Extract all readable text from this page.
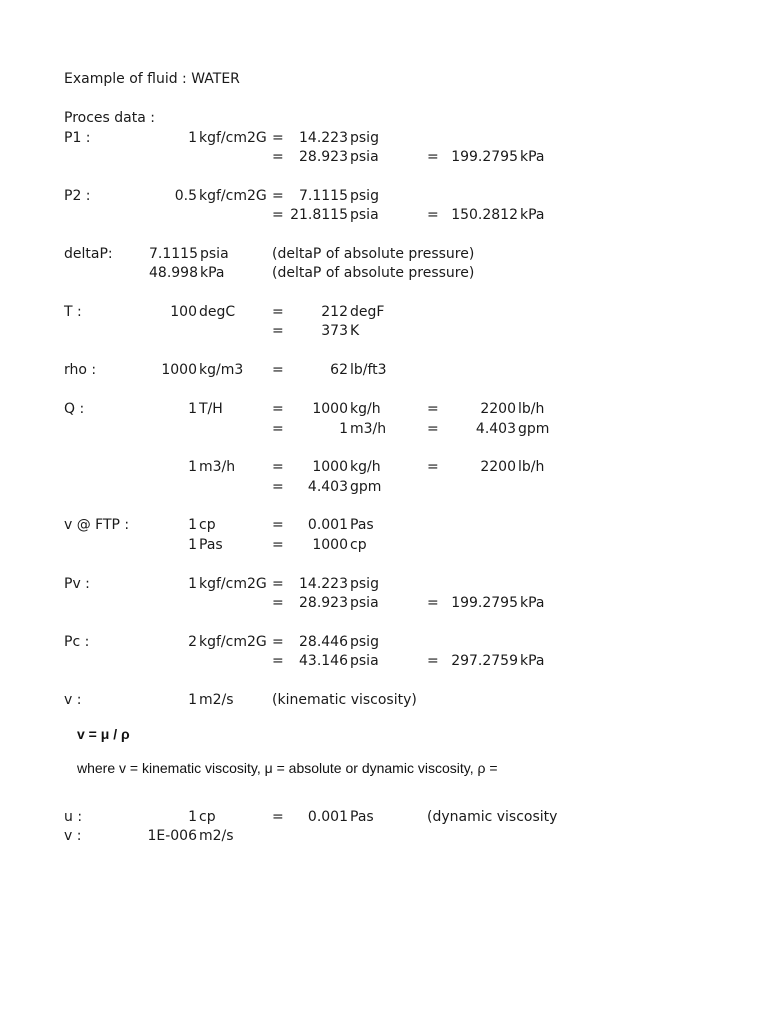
Example of fluid : WATER
Proces data :
P1 :	1 kgf/cm2G =	14.223 psig
=	28.923 psia	= 199.2795 kPa
P2 :	0.5 kgf/cm2G =	7.1115 psig
= 21.8115 psia	= 150.2812 kPa
deltaP:	7.1115 psia	(deltaP of absolute pressure)
48.998 kPa	(deltaP of absolute pressure)
T :	100 degC	=	212 degF
=	373 K
rho :	1000 kg/m3 =	62 lb/ft3
Q :	1 T/H	=	1000 kg/h	=	2200 lb/h
=	1 m3/h	=	4.403 gpm
1 m3/h	=	1000 kg/h	=	2200 lb/h
=	4.403 gpm
v @ FTP :	1 cp	=	0.001 Pas
1 Pas	=	1000 cp
Pv :	1 kgf/cm2G =	14.223 psig
=	28.923 psia	= 199.2795 kPa
Pc :	2 kgf/cm2G =	28.446 psig
=	43.146 psia	= 297.2759 kPa
v :	1 m2/s	(kinematic viscosity)
v = μ / ρ
where v = kinematic viscosity, μ = absolute or dynamic viscosity, ρ =
u :	1 cp	=	0.001 Pas	(dynamic viscosity
v :	1E-006 m2/s
